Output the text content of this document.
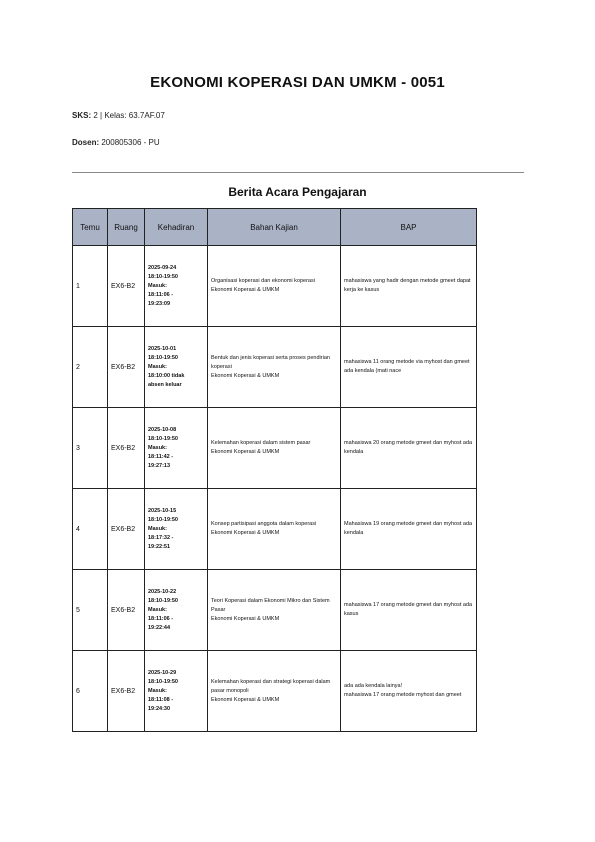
EKONOMI KOPERASI DAN UMKM - 0051
SKS: 2 | Kelas: 63.7AF.07
Dosen: 200805306 - PU
Berita Acara Pengajaran
Temu	Ruang	Kehadiran	Bahan Kajian	BAP
1	EX6-B2	2025-09-24
18:10-19:50
Masuk:
18:11:06 -
19:23:09	Organisasi koperasi dan ekonomi koperasi
Ekonomi Koperasi & UMKM	mahasiswa yang hadir dengan metode gmeet dapat kerja ke kasus
2	EX6-B2	2025-10-01
18:10-19:50
Masuk:
18:10:00 tidak
absen keluar	Bentuk dan jenis koperasi serta proses pendirian koperasi
Ekonomi Koperasi & UMKM	mahasiswa 11 orang metode via myhost dan gmeet ada kendala (mati nace
3	EX6-B2	2025-10-08
18:10-19:50
Masuk:
18:11:42 -
19:27:13	Kelemahan koperasi dalam sistem pasar
Ekonomi Koperasi & UMKM	mahasiswa 20 orang metode gmeet dan myhost ada kendala
4	EX6-B2	2025-10-15
18:10-19:50
Masuk:
18:17:32 -
19:22:51	Konsep partisipasi anggota dalam koperasi
Ekonomi Koperasi & UMKM	Mahasiswa 19 orang metode gmeet dan myhost ada kendala
5	EX6-B2	2025-10-22
18:10-19:50
Masuk:
18:11:06 -
19:22:44	Teori Koperasi dalam Ekonomi Mikro dan Sistem Pasar
Ekonomi Koperasi & UMKM	mahasiswa 17 orang metode gmeet dan myhost ada kasus
6	EX6-B2	2025-10-29
18:10-19:50
Masuk:
18:11:08 -
19:24:30	Kelemahan koperasi dan strategi koperasi dalam pasar monopoli
Ekonomi Koperasi & UMKM	ada ada kendala lainya!
mahasiswa 17 orang metode myhost dan gmeet
